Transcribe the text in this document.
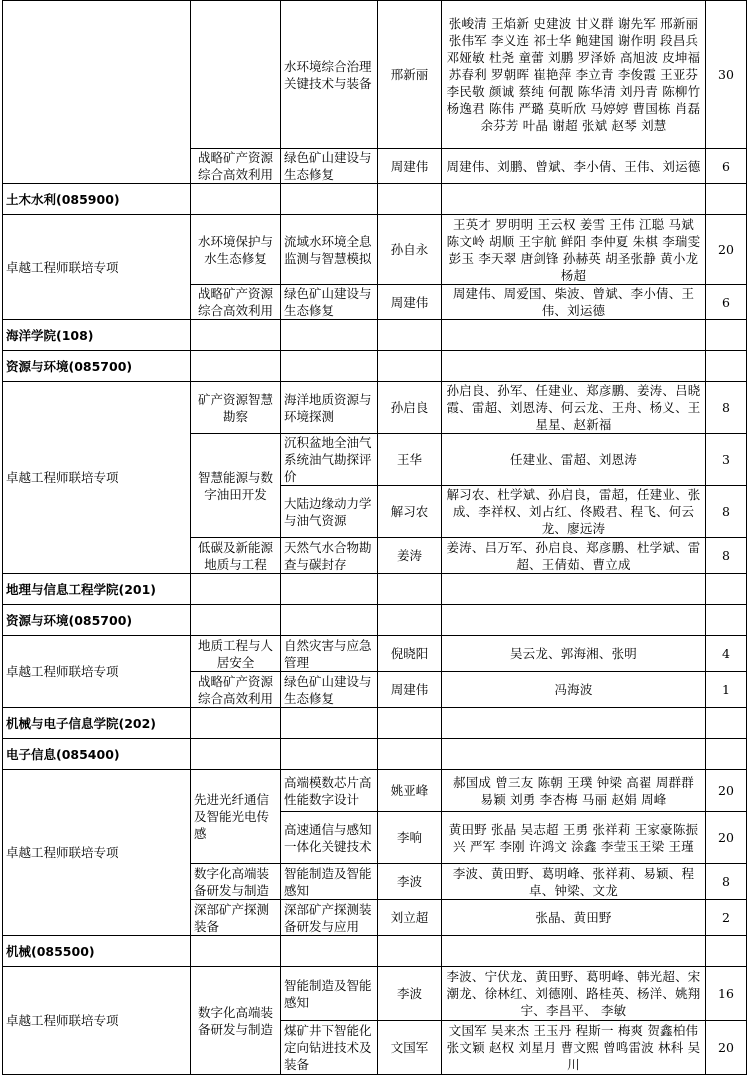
		水环境综合治理关键技术与装备	邢新丽	张峻清 王焰新 史建波 甘义群 谢先军 邢新丽 张伟军 李义连 祁士华 鲍建国 谢作明 段昌兵 邓娅敏 杜尧 童蕾 刘鹏 罗泽娇 高旭波 皮坤福 苏春利 罗朝晖 崔艳萍 李立青 李俊霞 王亚芬 李民敬 颜诚 蔡纯 何靓 陈华清 刘丹青 陈柳竹 杨逸君 陈伟 严璐 莫昕欣 马婷婷 曹国栋 肖磊 余芬芳 叶晶 谢超 张斌 赵琴 刘慧	30
	战略矿产资源综合高效利用	绿色矿山建设与生态修复	周建伟	周建伟、刘鹏、曾斌、李小倩、王伟、刘运德	6
土木水利(085900)					
卓越工程师联培专项	水环境保护与水生态修复	流域水环境全息监测与智慧模拟	孙自永	王英才 罗明明 王云权 姜雪 王伟 江聪 马斌 陈文岭 胡顺 王宇航 鲜阳 李仲夏 朱棋 李瑞雯 彭玉 李天翠 唐剑锋 孙赫英 胡圣张静 黄小龙 杨超	20
	战略矿产资源综合高效利用	绿色矿山建设与生态修复	周建伟	周建伟、周爱国、柴波、曾斌、李小倩、王伟、刘运德	6
海洋学院(108)					
资源与环境(085700)					
卓越工程师联培专项	矿产资源智慧勘察	海洋地质资源与环境探测	孙启良	孙启良、孙军、任建业、郑彦鹏、姜涛、吕晓霞、雷超、刘恩涛、何云龙、王舟、杨义、王星星、赵新福	8
	智慧能源与数字油田开发	沉积盆地全油气系统油气勘探评价	王华	任建业、雷超、刘恩涛	3
		大陆边缘动力学与油气资源	解习农	解习农、杜学斌、孙启良，雷超，任建业、张成、李祥权、刘占红、佟殿君、程飞、何云龙、廖远涛	8
	低碳及新能源地质与工程	天然气水合物勘查与碳封存	姜涛	姜涛、吕万军、孙启良、郑彦鹏、杜学斌、雷超、王倩茹、曹立成	8
地理与信息工程学院(201)					
资源与环境(085700)					
卓越工程师联培专项	地质工程与人居安全	自然灾害与应急管理	倪晓阳	吴云龙、郭海湘、张明	4
	战略矿产资源综合高效利用	绿色矿山建设与生态修复	周建伟	冯海波	1
机械与电子信息学院(202)					
电子信息(085400)					
卓越工程师联培专项	先进光纤通信及智能光电传感	高端模数芯片高性能数字设计	姚亚峰	郝国成 曾三友 陈朝 王璞 钟梁 高翟 周群群 易颖 刘勇 李杏梅 马丽 赵娟 周峰	20
		高速通信与感知一体化关键技术	李响	黄田野 张晶 吴志超 王勇 张祥莉 王家豪陈振兴 严军 李刚 许鸿文 涂鑫 李莹玉王梁 王瑾	20
	数字化高端装备研发与制造	智能制造及智能感知	李波	李波、黄田野、葛明峰、张祥莉、易颖、程卓、钟梁、文龙	8
	深部矿产探测装备	深部矿产探测装备研发与应用	刘立超	张晶、黄田野	2
机械(085500)					
卓越工程师联培专项	数字化高端装备研发与制造	智能制造及智能感知	李波	李波、宁伏龙、黄田野、葛明峰、韩光超、宋潮龙、徐林红、刘德刚、路桂英、杨洋、姚翔宇、李昌平、 李敏	16
		煤矿井下智能化定向钻进技术及装备	文国军	文国军 吴来杰 王玉丹 程斯一 梅爽 贺鑫柏伟 张文颖 赵权 刘星月 曹文熙 曾鸣雷波 林科 吴川	20
